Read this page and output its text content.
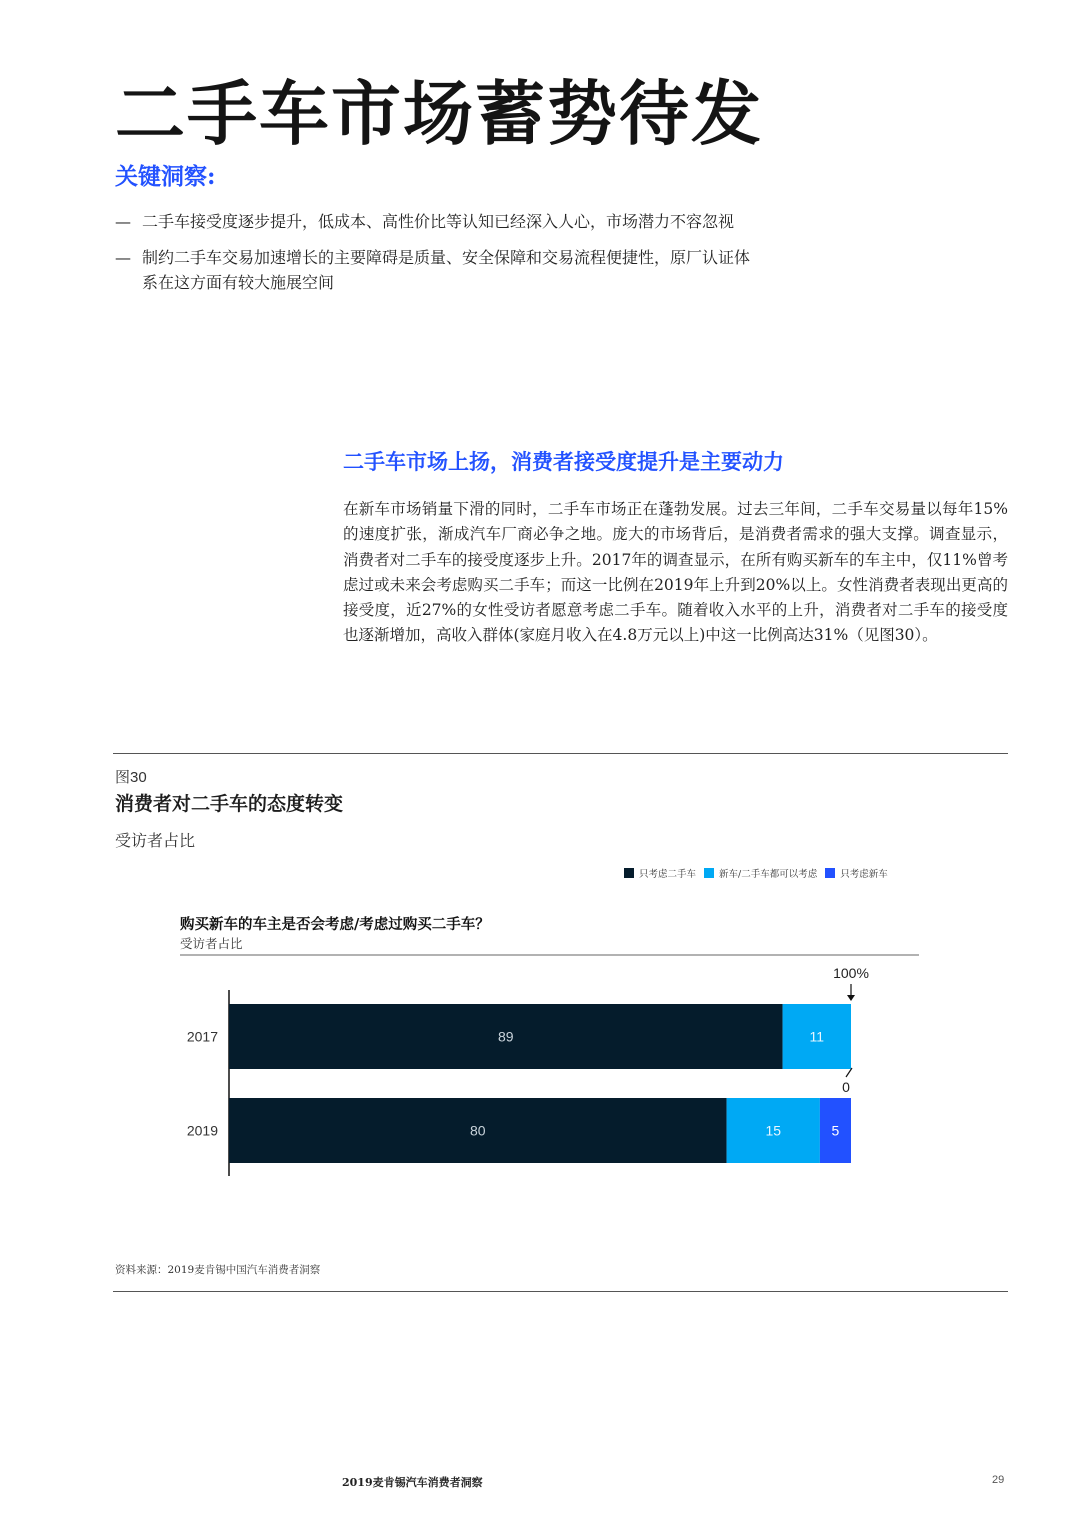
二手车市场蓄势待发
关键洞察:
— 二手车接受度逐步提升，低成本、高性价比等认知已经深入人心，市场潜力不容忽视
— 制约二手车交易加速增长的主要障碍是质量、安全保障和交易流程便捷性，原厂认证体
系在这方面有较大施展空间
二手车市场上扬，消费者接受度提升是主要动力

在新车市场销量下滑的同时，二手车市场正在蓬勃发展。过去三年间，二手车交易量以每年15%的速度扩张，渐成汽车厂商必争之地。庞大的市场背后，是消费者需求的强大支撑。调查显示，消费者对二手车的接受度逐步上升。2017年的调查显示，在所有购买新车的车主中，仅11%曾考虑过或未来会考虑购买二手车；而这一比例在2019年上升到20%以上。女性消费者表现出更高的接受度，近27%的女性受访者愿意考虑二手车。随着收入水平的上升，消费者对二手车的接受度也逐渐增加，高收入群体(家庭月收入在4.8万元以上)中这一比例高达31%（见图30）。

图30
消费者对二手车的态度转变
受访者占比
只考虑二手车 新车/二手车都可以考虑 只考虑新车
购买新车的车主是否会考虑/考虑过购买二手车？
受访者占比
2017	89	11
2019	80	15	5
100%
0
资料来源：2019麦肯锡中国汽车消费者洞察
2019麦肯锡汽车消费者洞察	29
